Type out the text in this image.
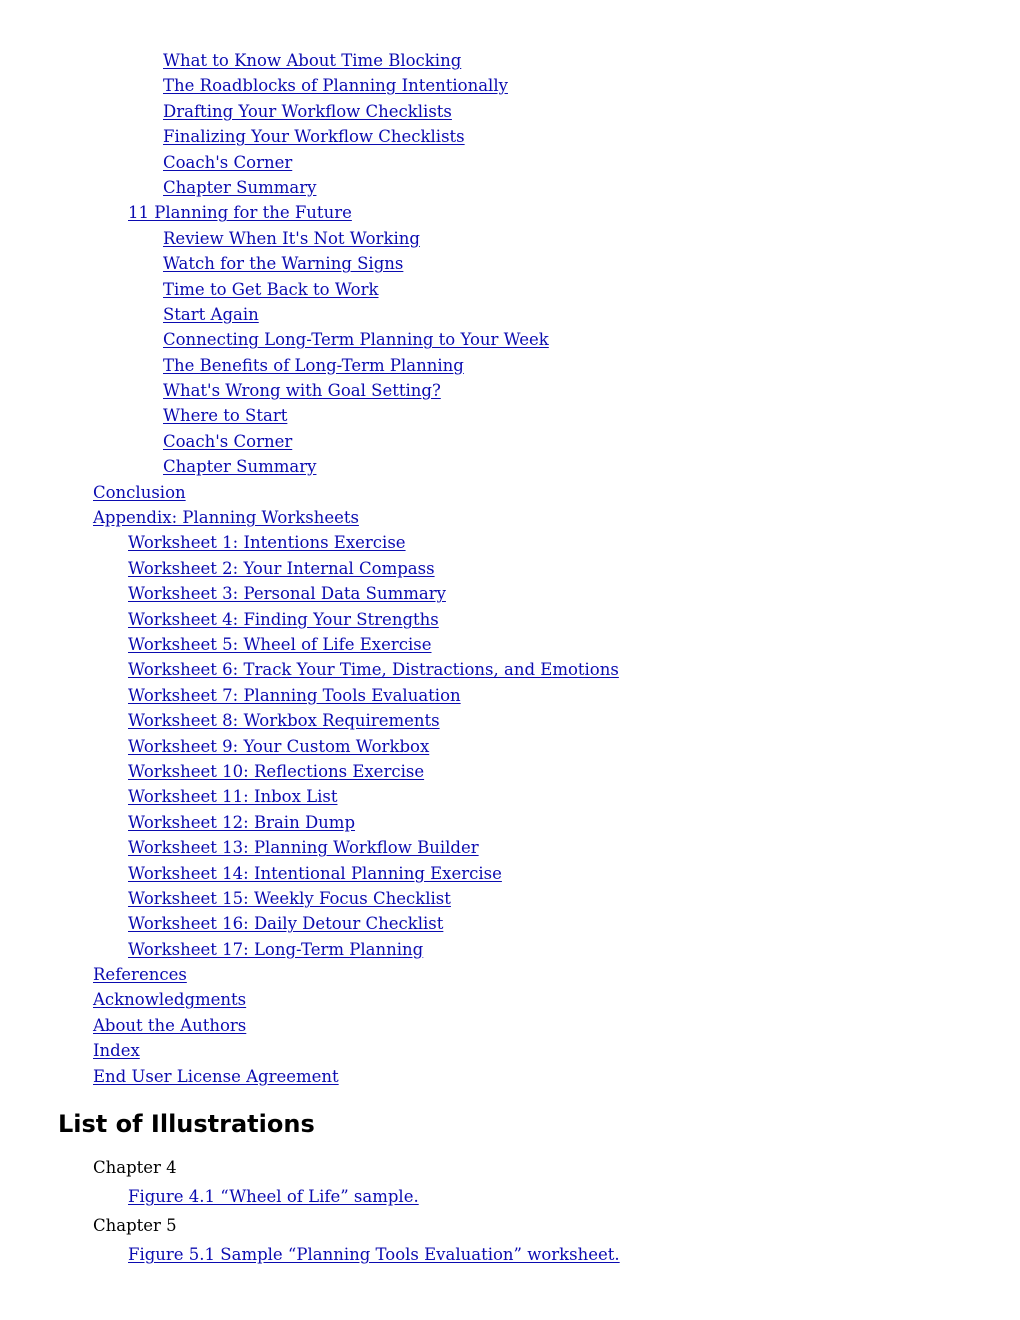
What to Know About Time Blocking
The Roadblocks of Planning Intentionally
Drafting Your Workflow Checklists
Finalizing Your Workflow Checklists
Coach's Corner
Chapter Summary
11 Planning for the Future
Review When It's Not Working
Watch for the Warning Signs
Time to Get Back to Work
Start Again
Connecting Long-Term Planning to Your Week
The Benefits of Long-Term Planning
What's Wrong with Goal Setting?
Where to Start
Coach's Corner
Chapter Summary
Conclusion
Appendix: Planning Worksheets
Worksheet 1: Intentions Exercise
Worksheet 2: Your Internal Compass
Worksheet 3: Personal Data Summary
Worksheet 4: Finding Your Strengths
Worksheet 5: Wheel of Life Exercise
Worksheet 6: Track Your Time, Distractions, and Emotions
Worksheet 7: Planning Tools Evaluation
Worksheet 8: Workbox Requirements
Worksheet 9: Your Custom Workbox
Worksheet 10: Reflections Exercise
Worksheet 11: Inbox List
Worksheet 12: Brain Dump
Worksheet 13: Planning Workflow Builder
Worksheet 14: Intentional Planning Exercise
Worksheet 15: Weekly Focus Checklist
Worksheet 16: Daily Detour Checklist
Worksheet 17: Long-Term Planning
References
Acknowledgments
About the Authors
Index
End User License Agreement
List of Illustrations
Chapter 4
Figure 4.1 “Wheel of Life” sample.
Chapter 5
Figure 5.1 Sample “Planning Tools Evaluation” worksheet.
